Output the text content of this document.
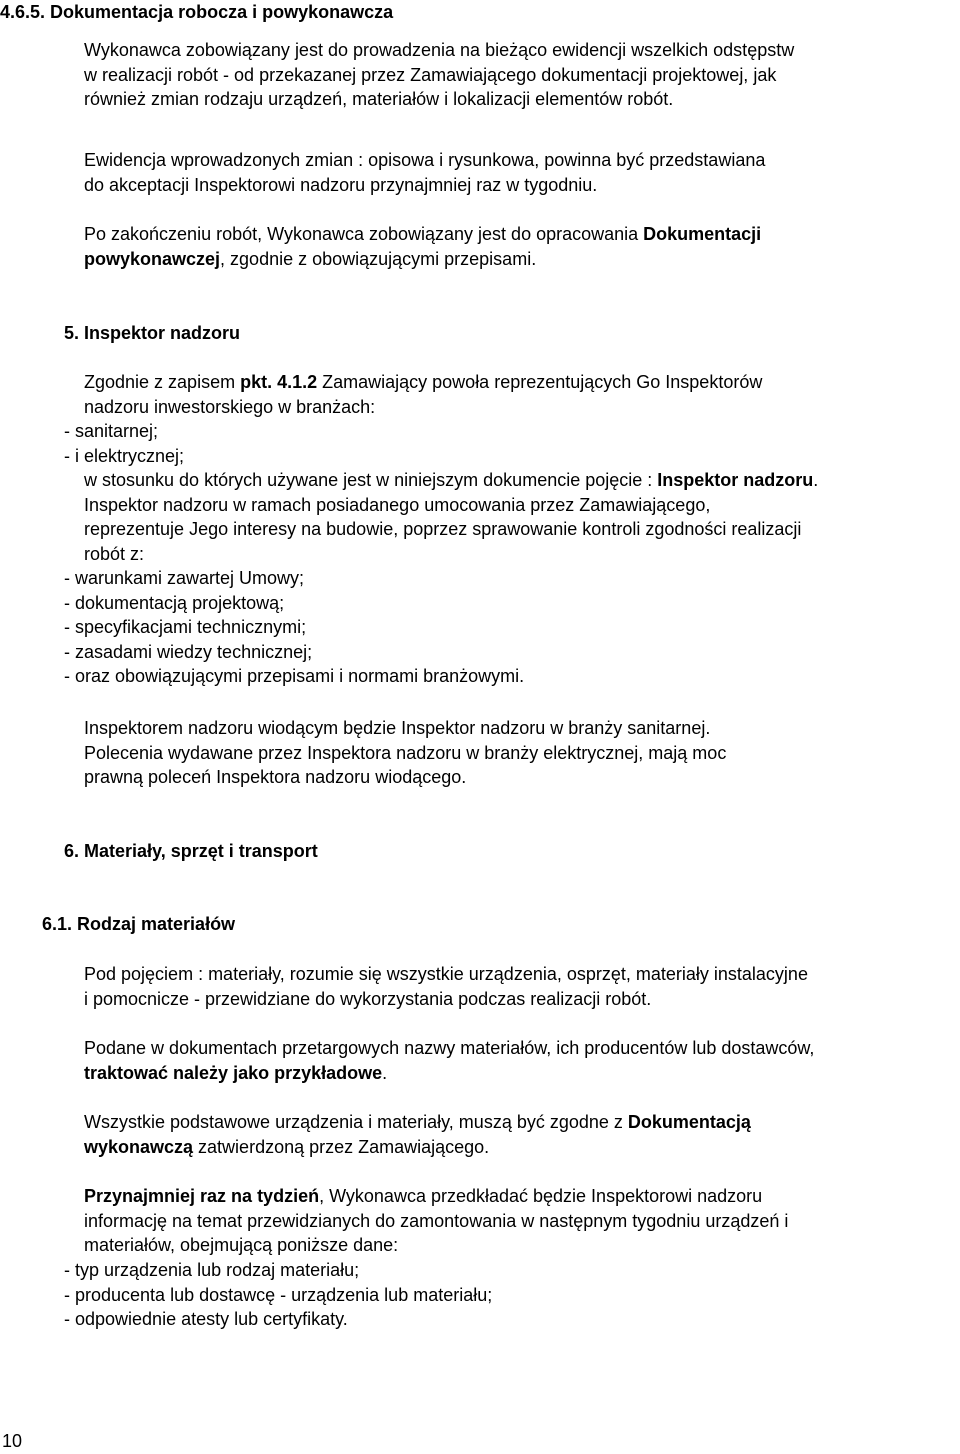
4.6.5. Dokumentacja robocza i powykonawcza
Wykonawca zobowiązany jest do prowadzenia na bieżąco ewidencji wszelkich odstępstw
w realizacji robót - od przekazanej przez Zamawiającego dokumentacji projektowej, jak
również zmian rodzaju urządzeń, materiałów i lokalizacji elementów robót.
Ewidencja wprowadzonych zmian : opisowa i rysunkowa, powinna być przedstawiana
do akceptacji Inspektorowi nadzoru przynajmniej raz w tygodniu.
Po zakończeniu robót, Wykonawca zobowiązany jest do opracowania Dokumentacji
powykonawczej, zgodnie z obowiązującymi przepisami.
5. Inspektor nadzoru
Zgodnie z zapisem pkt. 4.1.2 Zamawiający powoła reprezentujących Go Inspektorów
nadzoru inwestorskiego w branżach:
- sanitarnej;
- i elektrycznej;
w stosunku do których używane jest w niniejszym dokumencie pojęcie : Inspektor nadzoru.
Inspektor nadzoru w ramach posiadanego umocowania przez Zamawiającego,
reprezentuje Jego interesy na budowie, poprzez sprawowanie kontroli zgodności realizacji
robót z:
- warunkami zawartej Umowy;
- dokumentacją projektową;
- specyfikacjami technicznymi;
- zasadami wiedzy technicznej;
- oraz obowiązującymi przepisami i normami branżowymi.
Inspektorem nadzoru wiodącym będzie Inspektor nadzoru w branży sanitarnej.
Polecenia wydawane przez Inspektora nadzoru w branży elektrycznej, mają moc
prawną poleceń Inspektora nadzoru wiodącego.
6. Materiały, sprzęt i transport
6.1. Rodzaj materiałów
Pod pojęciem : materiały, rozumie się wszystkie urządzenia, osprzęt, materiały instalacyjne
i pomocnicze - przewidziane do wykorzystania podczas realizacji robót.
Podane w dokumentach przetargowych nazwy materiałów, ich producentów lub dostawców,
traktować należy jako przykładowe.
Wszystkie podstawowe urządzenia i materiały, muszą być zgodne z Dokumentacją
wykonawczą zatwierdzoną przez Zamawiającego.
Przynajmniej raz na tydzień, Wykonawca przedkładać będzie Inspektorowi nadzoru
informację na temat przewidzianych do zamontowania w następnym tygodniu urządzeń i
materiałów, obejmującą poniższe dane:
- typ urządzenia lub rodzaj materiału;
- producenta lub dostawcę - urządzenia lub materiału;
- odpowiednie atesty lub certyfikaty.
10
